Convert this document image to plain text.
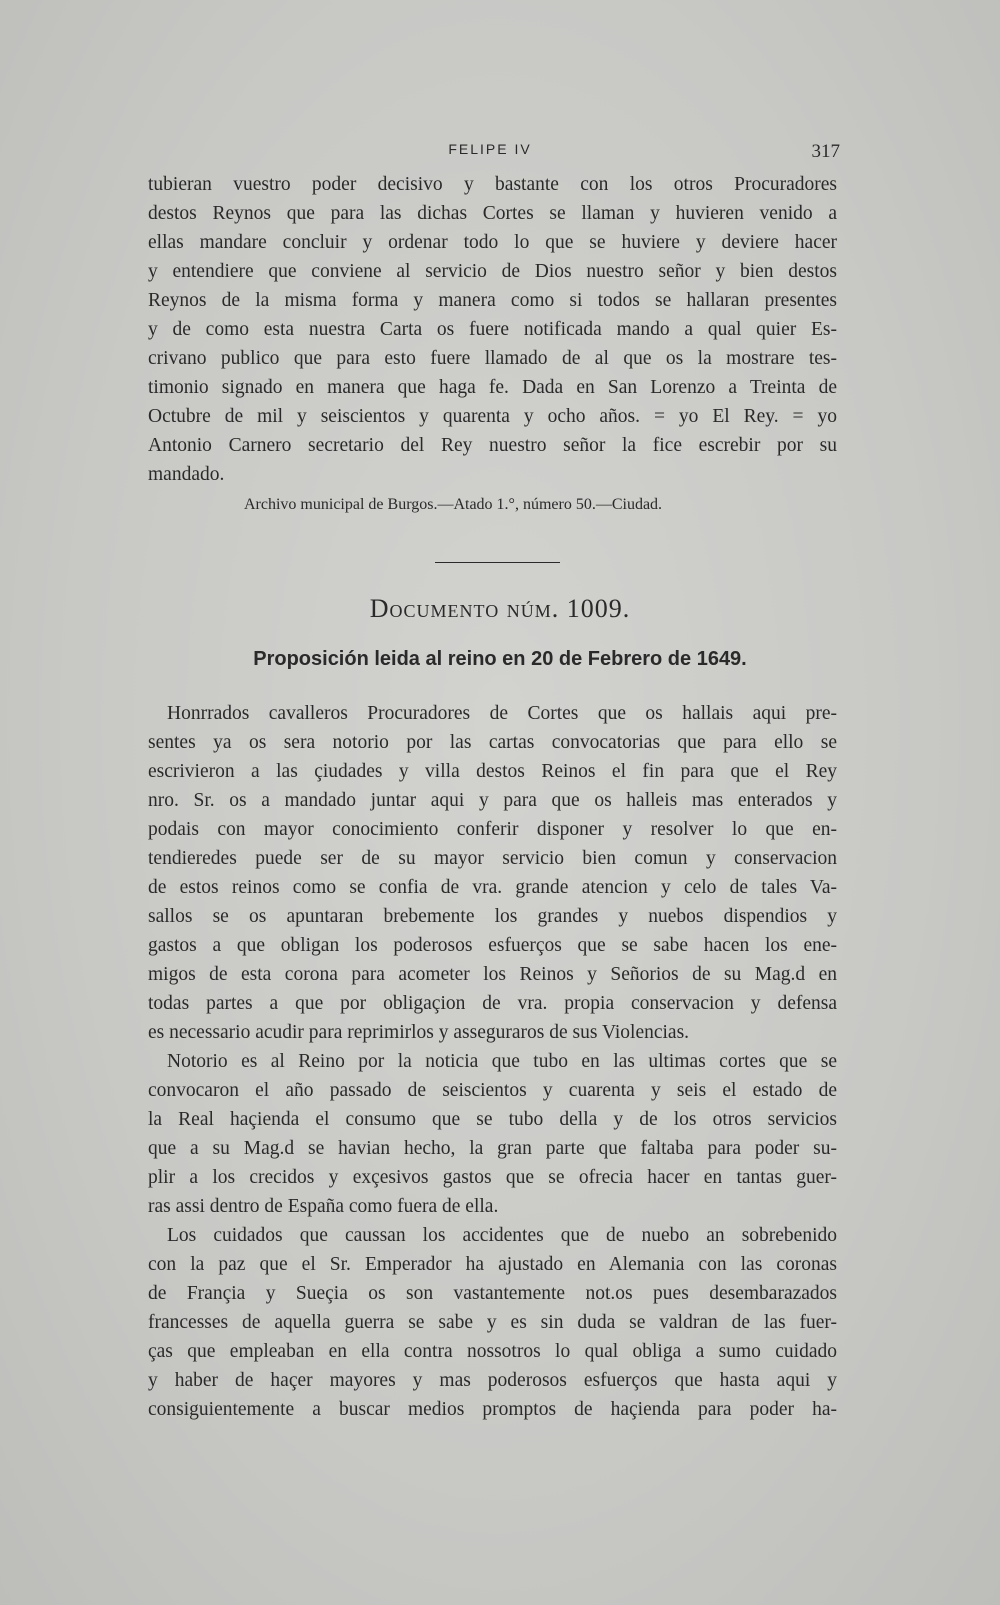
FELIPE IV	317
tubieran vuestro poder decisivo y bastante con los otros Procuradores
destos Reynos que para las dichas Cortes se llaman y huvieren venido a
ellas mandare concluir y ordenar todo lo que se huviere y deviere hacer
y entendiere que conviene al servicio de Dios nuestro señor y bien destos
Reynos de la misma forma y manera como si todos se hallaran presentes
y de como esta nuestra Carta os fuere notificada mando a qual quier Es-
crivano publico que para esto fuere llamado de al que os la mostrare tes-
timonio signado en manera que haga fe. Dada en San Lorenzo a Treinta de
Octubre de mil y seiscientos y quarenta y ocho años. = yo El Rey. = yo
Antonio Carnero secretario del Rey nuestro señor la fice escrebir por su
mandado.
Archivo municipal de Burgos.—Atado 1.°, número 50.—Ciudad.
Documento núm. 1009.
Proposición leida al reino en 20 de Febrero de 1649.
Honrrados cavalleros Procuradores de Cortes que os hallais aqui pre-
sentes ya os sera notorio por las cartas convocatorias que para ello se
escrivieron a las çiudades y villa destos Reinos el fin para que el Rey
nro. Sr. os a mandado juntar aqui y para que os halleis mas enterados y
podais con mayor conocimiento conferir disponer y resolver lo que en-
tendieredes puede ser de su mayor servicio bien comun y conservacion
de estos reinos como se confia de vra. grande atencion y celo de tales Va-
sallos se os apuntaran brebemente los grandes y nuebos dispendios y
gastos a que obligan los poderosos esfuerços que se sabe hacen los ene-
migos de esta corona para acometer los Reinos y Señorios de su Mag.d en
todas partes a que por obligaçion de vra. propia conservacion y defensa
es necessario acudir para reprimirlos y asseguraros de sus Violencias.
Notorio es al Reino por la noticia que tubo en las ultimas cortes que se
convocaron el año passado de seiscientos y cuarenta y seis el estado de
la Real haçienda el consumo que se tubo della y de los otros servicios
que a su Mag.d se havian hecho, la gran parte que faltaba para poder su-
plir a los crecidos y exçesivos gastos que se ofrecia hacer en tantas guer-
ras assi dentro de España como fuera de ella.
Los cuidados que caussan los accidentes que de nuebo an sobrebenido
con la paz que el Sr. Emperador ha ajustado en Alemania con las coronas
de Françia y Sueçia os son vastantemente not.os pues desembarazados
francesses de aquella guerra se sabe y es sin duda se valdran de las fuer-
ças que empleaban en ella contra nossotros lo qual obliga a sumo cuidado
y haber de haçer mayores y mas poderosos esfuerços que hasta aqui y
consiguientemente a buscar medios promptos de haçienda para poder ha-
